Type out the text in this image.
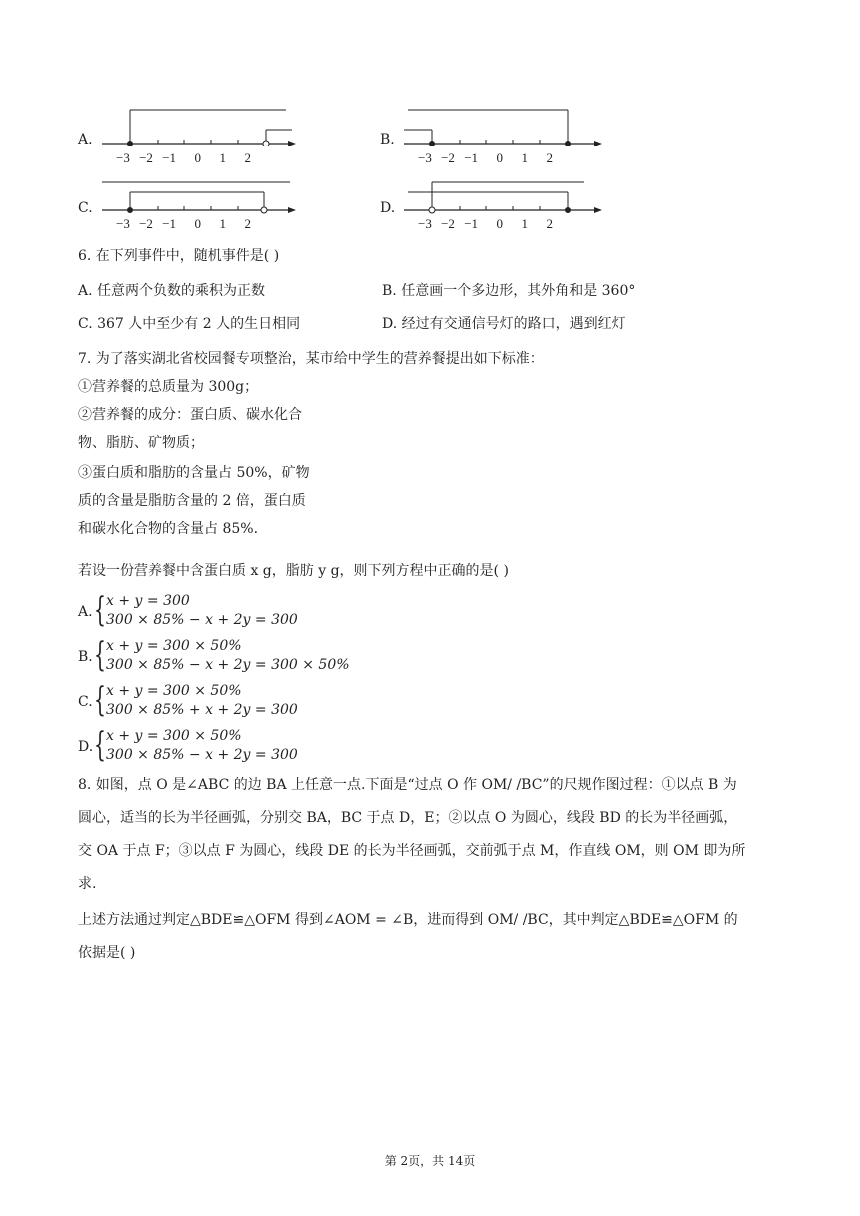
A.
−3 −2 −1 0 1 2
B.
−3 −2 −1 0 1 2
C.
−3 −2 −1 0 1 2
D.
−3 −2 −1 0 1 2
6. 在下列事件中，随机事件是( )
A. 任意两个负数的乘积为正数	B. 任意画一个多边形，其外角和是 360°
C. 367 人中至少有 2 人的生日相同	D. 经过有交通信号灯的路口，遇到红灯
7. 为了落实湖北省校园餐专项整治，某市给中学生的营养餐提出如下标准：
①营养餐的总质量为 300g；
②营养餐的成分：蛋白质、碳水化合
物、脂肪、矿物质；
③蛋白质和脂肪的含量占 50%，矿物
质的含量是脂肪含量的 2 倍，蛋白质
和碳水化合物的含量占 85%.
若设一份营养餐中含蛋白质 x g，脂肪 y g，则下列方程中正确的是( )
A. { x + y = 300
300 × 85% − x + 2y = 300
B. { x + y = 300 × 50%
300 × 85% − x + 2y = 300 × 50%
C. { x + y = 300 × 50%
300 × 85% + x + 2y = 300
D. { x + y = 300 × 50%
300 × 85% − x + 2y = 300
8. 如图，点 O 是∠ABC 的边 BA 上任意一点.下面是“过点 O 作 OM/ /BC”的尺规作图过程：①以点 B 为
圆心，适当的长为半径画弧，分别交 BA，BC 于点 D，E；②以点 O 为圆心，线段 BD 的长为半径画弧，
交 OA 于点 F；③以点 F 为圆心，线段 DE 的长为半径画弧，交前弧于点 M，作直线 OM，则 OM 即为所
求.
上述方法通过判定△BDE≌△OFM 得到∠AOM = ∠B，进而得到 OM/ /BC，其中判定△BDE≌△OFM 的
依据是( )
第 2页，共 14页
